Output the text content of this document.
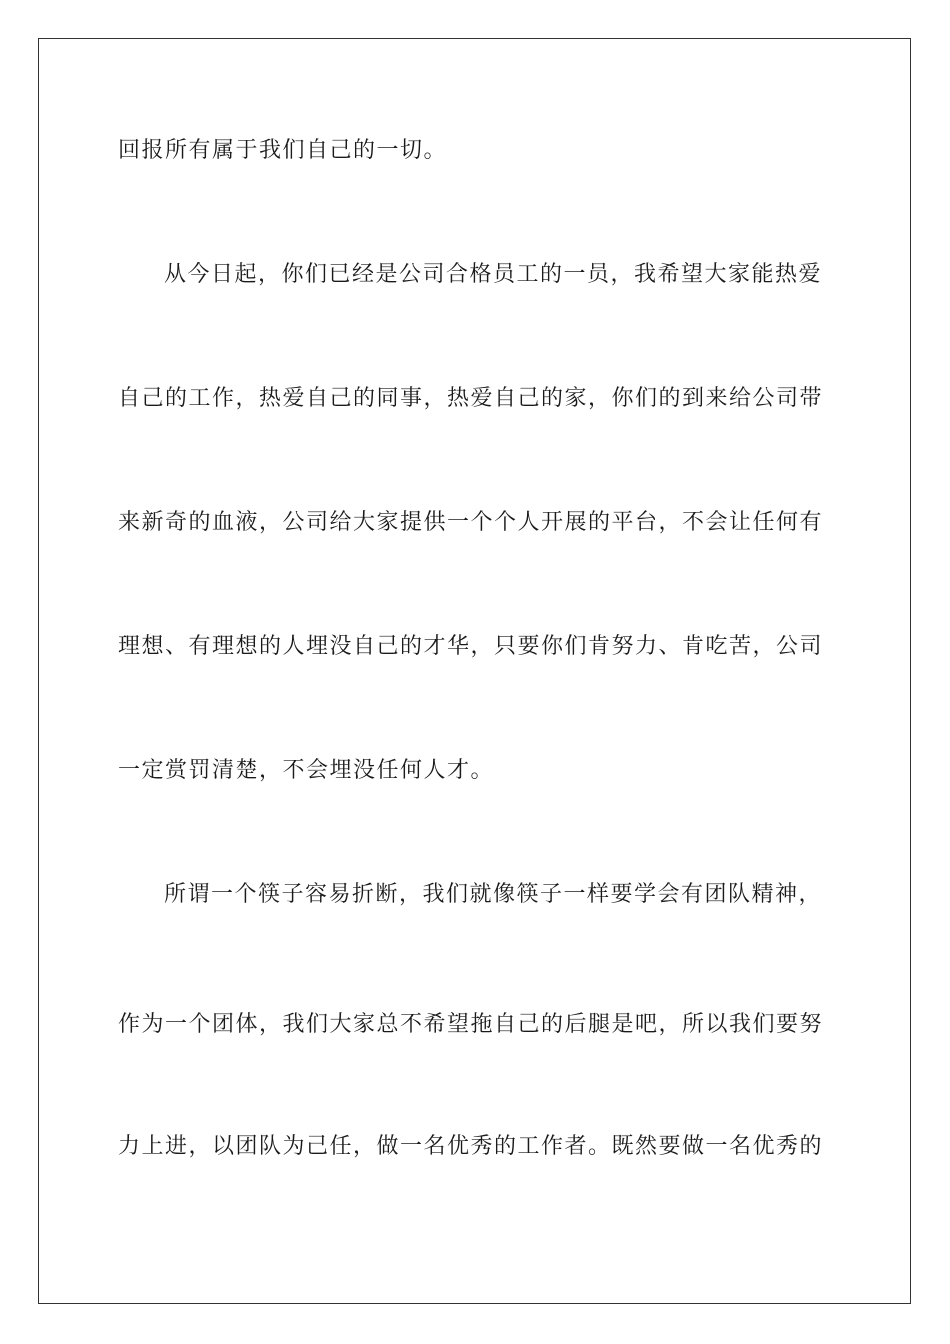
回报所有属于我们自己的一切。
从今日起，你们已经是公司合格员工的一员，我希望大家能热爱
自己的工作，热爱自己的同事，热爱自己的家，你们的到来给公司带
来新奇的血液，公司给大家提供一个个人开展的平台，不会让任何有
理想、有理想的人埋没自己的才华，只要你们肯努力、肯吃苦，公司
一定赏罚清楚，不会埋没任何人才。
所谓一个筷子容易折断，我们就像筷子一样要学会有团队精神，
作为一个团体，我们大家总不希望拖自己的后腿是吧，所以我们要努
力上进，以团队为己任，做一名优秀的工作者。既然要做一名优秀的
